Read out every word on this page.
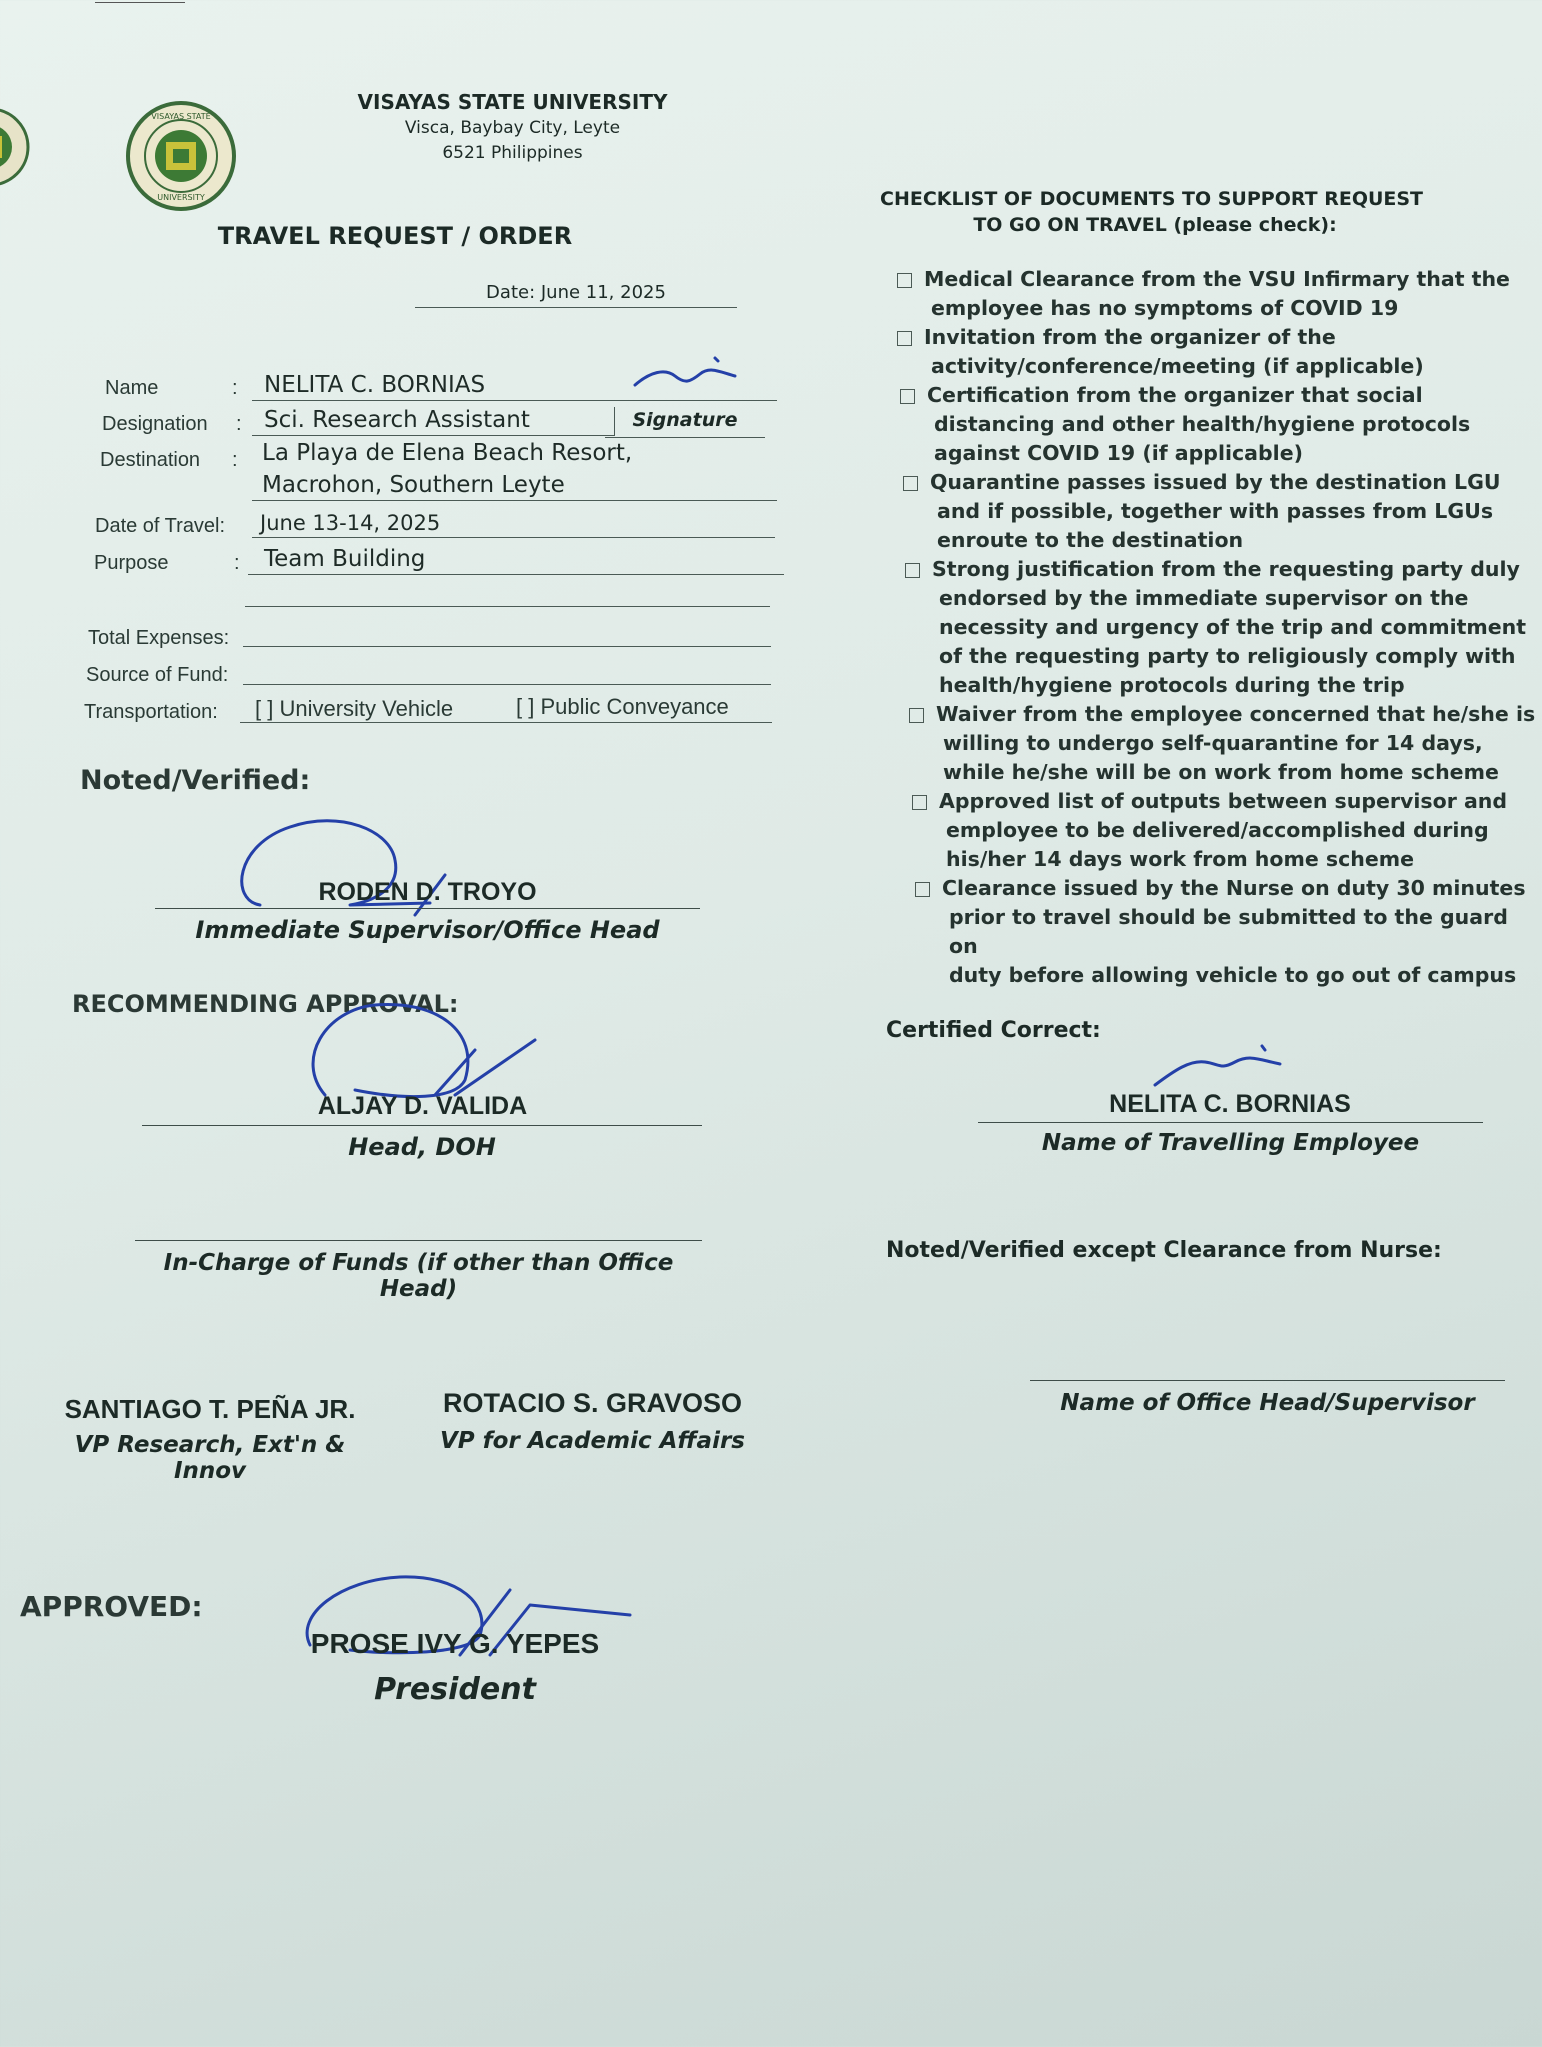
VISAYAS STATE
UNIVERSITY
VISAYAS STATE UNIVERSITY
Visca, Baybay City, Leyte
6521 Philippines
TRAVEL REQUEST / ORDER
Date: June 11, 2025
Name	:	NELITA C. BORNIAS
Designation : Sci. Research Assistant	Signature
Destination : La Playa de Elena Beach Resort,
Macrohon, Southern Leyte
Date of Travel:	June 13-14, 2025
Purpose	:	Team Building
Total Expenses:
Source of Fund:
Transportation: [ ] University Vehicle	[ ] Public Conveyance
Noted/Verified:
RODEN D. TROYO
Immediate Supervisor/Office Head
RECOMMENDING APPROVAL:
ALJAY D. VALIDA
Head, DOH
In-Charge of Funds (if other than Office Head)
SANTIAGO T. PEÑA JR.
VP Research, Ext'n & Innov
ROTACIO S. GRAVOSO
VP for Academic Affairs
APPROVED:
PROSE IVY G. YEPES
President
CHECKLIST OF DOCUMENTS TO SUPPORT REQUEST
TO GO ON TRAVEL (please check):
Medical Clearance from the VSU Infirmary that the
employee has no symptoms of COVID 19
Invitation from the organizer of the
activity/conference/meeting (if applicable)
Certification from the organizer that social
distancing and other health/hygiene protocols
against COVID 19 (if applicable)
Quarantine passes issued by the destination LGU
and if possible, together with passes from LGUs
enroute to the destination
Strong justification from the requesting party duly
endorsed by the immediate supervisor on the
necessity and urgency of the trip and commitment
of the requesting party to religiously comply with
health/hygiene protocols during the trip
Waiver from the employee concerned that he/she is
willing to undergo self-quarantine for 14 days,
while he/she will be on work from home scheme
Approved list of outputs between supervisor and
employee to be delivered/accomplished during
his/her 14 days work from home scheme
Clearance issued by the Nurse on duty 30 minutes
prior to travel should be submitted to the guard on
duty before allowing vehicle to go out of campus
Certified Correct:
NELITA C. BORNIAS
Name of Travelling Employee
Noted/Verified except Clearance from Nurse:
Name of Office Head/Supervisor
